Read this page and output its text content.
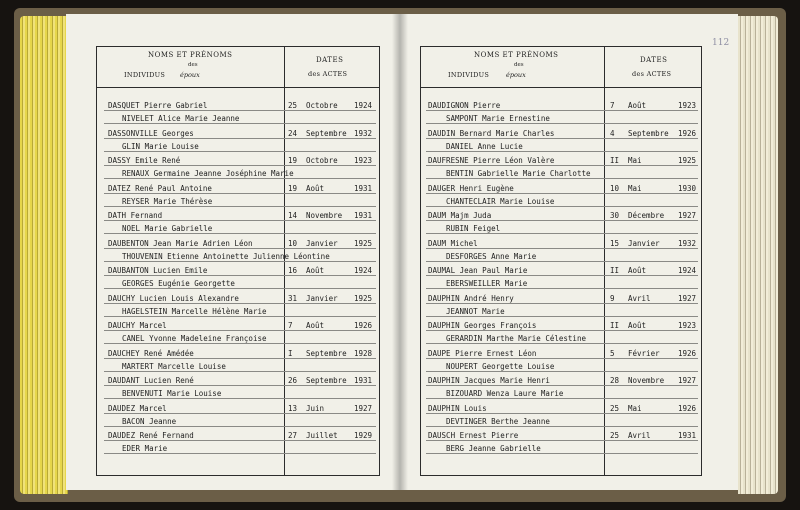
NOMS ET PRÉNOMS
des
INDIVIDUS époux
DATES
des ACTES
DASQUET Pierre Gabriel
NIVELET Alice Marie Jeanne
25 Octobre 1924
DASSONVILLE Georges
GLIN Marie Louise
24 Septembre 1932
DASSY Emile René
RENAUX Germaine Jeanne Joséphine Marie
19 Octobre 1923
DATEZ René Paul Antoine
REYSER Marie Thérèse
19 Août	1931
DATH Fernand
NOEL Marie Gabrielle
14 Novembre 1931
DAUBENTON Jean Marie Adrien Léon
THOUVENIN Etienne Antoinette Julienne Léontine
10 Janvier 1925
DAUBANTON Lucien Emile
GEORGES Eugénie Georgette
16 Août	1924
DAUCHY Lucien Louis Alexandre
HAGELSTEIN Marcelle Hélène Marie
31 Janvier 1925
DAUCHY Marcel
CANEL Yvonne Madeleine Françoise
7 Août	1926
DAUCHEY René Amédée
MARTERT Marcelle Louise
I Septembre 1928
DAUDANT Lucien René
BENVENUTI Marie Louise
26 Septembre 1931
DAUDEZ Marcel
BACON Jeanne
13 Juin	1927
DAUDEZ René Fernand
EDER Marie
27 Juillet 1929
NOMS ET PRÉNOMS
des
INDIVIDUS	époux
DATES
des ACTES
DAUDIGNON Pierre
SAMPONT Marie Ernestine
7 Août	1923
DAUDIN Bernard Marie Charles
DANIEL Anne Lucie
4 Septembre 1926
DAUFRESNE Pierre Léon Valère
BENTIN Gabrielle Marie Charlotte
II Mai	1925
DAUGER Henri Eugène
CHANTECLAIR Marie Louise
10 Mai	1930
DAUM Majm Juda
RUBIN Feigel
30 Décembre 1927
DAUM Michel
DESFORGES Anne Marie
15 Janvier 1932
DAUMAL Jean Paul Marie
EBERSWEILLER Marie
II Août	1924
DAUPHIN André Henry
JEANNOT Marie
9 Avril	1927
DAUPHIN Georges François
GERARDIN Marthe Marie Célestine
II Août	1923
DAUPE Pierre Ernest Léon
NOUPERT Georgette Louise
5 Février 1926
DAUPHIN Jacques Marie Henri
BIZOUARD Wenza Laure Marie
28 Novembre 1927
DAUPHIN Louis
DEVTINGER Berthe Jeanne
25 Mai	1926
DAUSCH Ernest Pierre
BERG Jeanne Gabrielle
25 Avril	1931
112
